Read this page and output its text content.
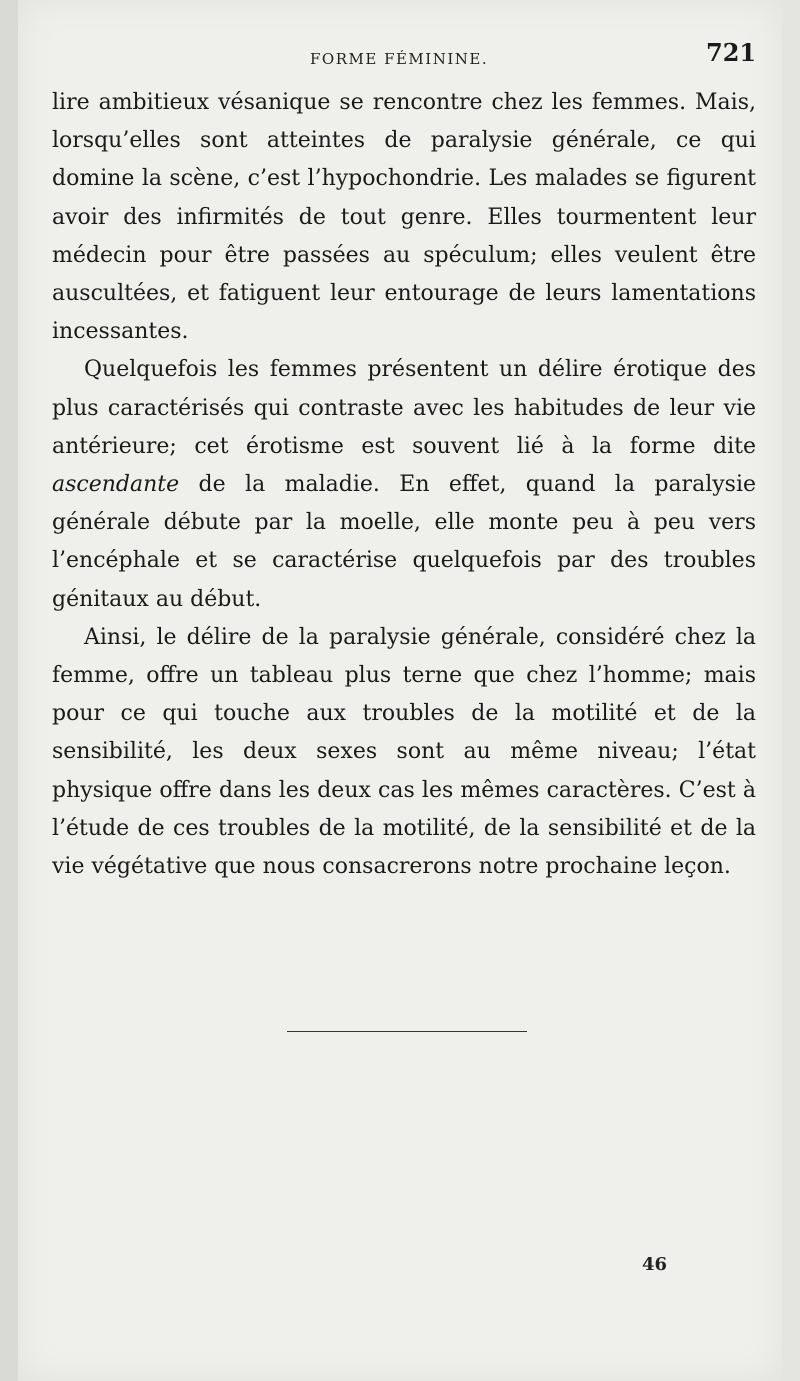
FORME FÉMININE.	721

lire ambitieux vésanique se rencontre chez les femmes. Mais, lorsqu’elles sont atteintes de paralysie générale, ce qui domine la scène, c’est l’hypochondrie. Les malades se figurent avoir des infirmités de tout genre. Elles tourmentent leur médecin pour être passées au spéculum; elles veulent être auscultées, et fatiguent leur entourage de leurs lamentations incessantes.

Quelquefois les femmes présentent un délire érotique des plus caractérisés qui contraste avec les habitudes de leur vie antérieure; cet érotisme est souvent lié à la forme dite ascendante de la maladie. En effet, quand la paralysie générale débute par la moelle, elle monte peu à peu vers l’encéphale et se caractérise quelquefois par des troubles génitaux au début.

Ainsi, le délire de la paralysie générale, considéré chez la femme, offre un tableau plus terne que chez l’homme; mais pour ce qui touche aux troubles de la motilité et de la sensibilité, les deux sexes sont au même niveau; l’état physique offre dans les deux cas les mêmes caractères. C’est à l’étude de ces troubles de la motilité, de la sensibilité et de la vie végétative que nous consacrerons notre prochaine leçon.

46
